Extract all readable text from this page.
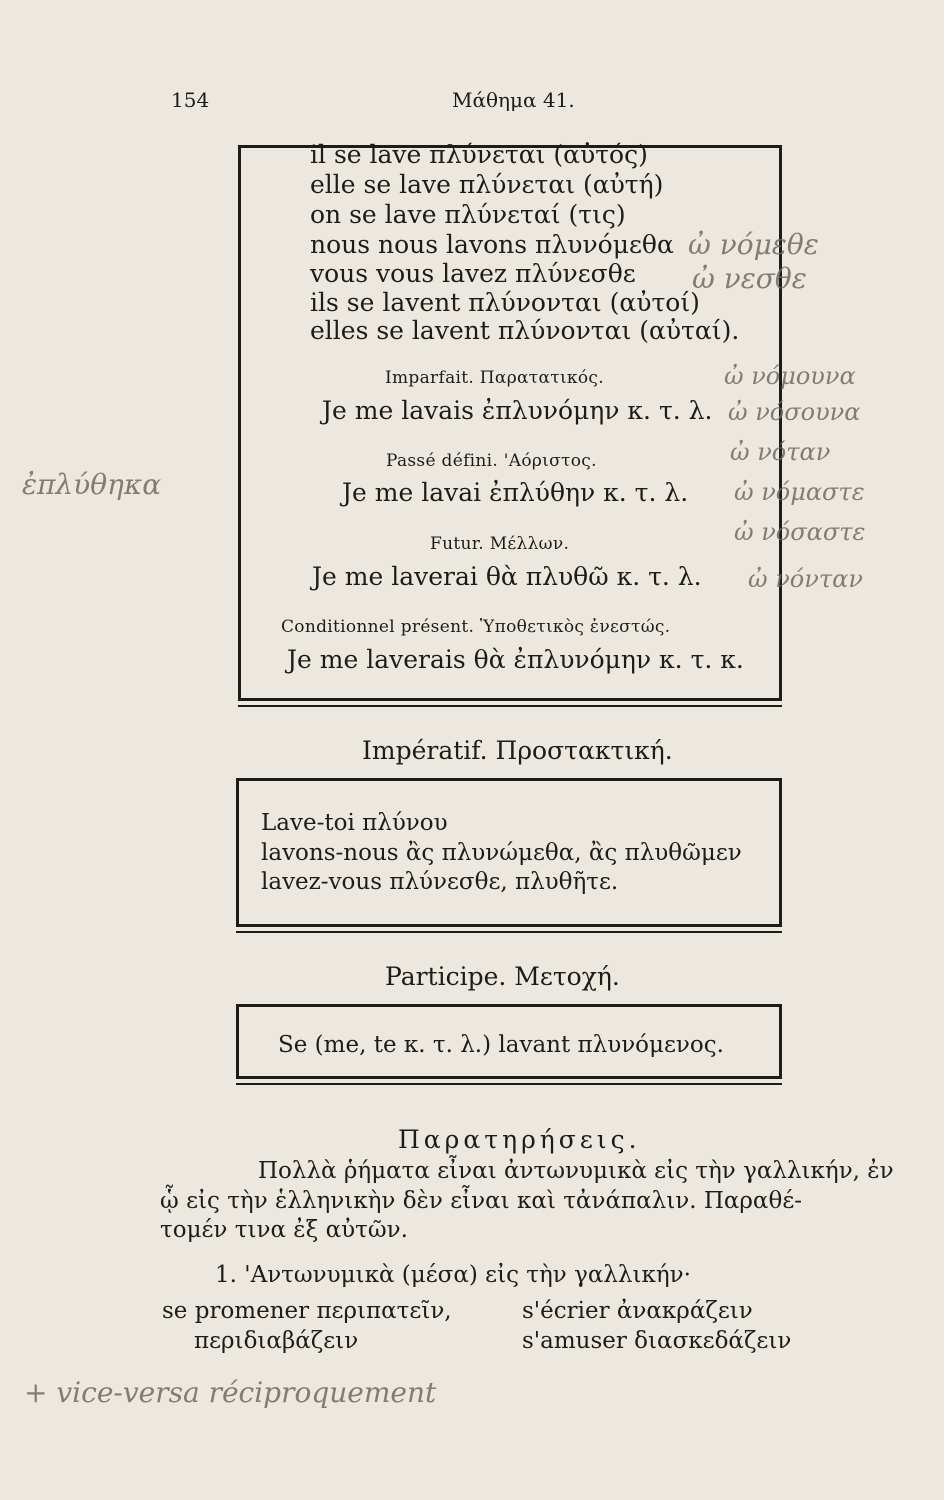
154	Μάθημα 41.
il se lave πλύνεται (αὐτός)
elle se lave πλύνεται (αὐτή)
on se lave πλύνεταί (τις)
nous nous lavons πλυνόμεθα
vous vous lavez πλύνεσθε
ils se lavent πλύνονται (αὐτοί)
elles se lavent πλύνονται (αὐταί).
Imparfait. Παρατατικός.
Je me lavais ἐπλυνόμην κ. τ. λ.
Passé défini. 'Αόριστος.
Je me lavai ἐπλύθην κ. τ. λ.
Futur. Μέλλων.
Je me laverai θὰ πλυθῶ κ. τ. λ.
Conditionnel présent. Ὑποθετικὸς ἐνεστώς.
Je me laverais θὰ ἐπλυνόμην κ. τ. κ.
Impératif. Προστακτική.
Lave-toi πλύνου
lavons-nous ἂς πλυνώμεθα, ἂς πλυθῶμεν
lavez-vous πλύνεσθε, πλυθῆτε.
Participe. Μετοχή.
Se (me, te κ. τ. λ.) lavant πλυνόμενος.
Παρατηρήσεις.
Πολλὰ ῥήματα εἶναι ἀντωνυμικὰ εἰς τὴν γαλλικήν, ἐν
ᾧ εἰς τὴν ἑλληνικὴν δὲν εἶναι καὶ τἀνάπαλιν. Παραθέ-
τομέν τινα ἐξ αὐτῶν.
1. 'Αντωνυμικὰ (μέσα) εἰς τὴν γαλλικήν·
se promener περιπατεῖν,
περιδιαβάζειν
s'écrier ἀνακράζειν
s'amuser διασκεδάζειν
ὠ νόμεθε
ὠ νεσθε
ὠ νόμουνα
ὠ νόσουνα
ὠ νόταν
ὠ νόμαστε
ὠ νόσαστε
ὠ νόνταν
ἐπλύθηκα
+ vice-versa réciproquement
